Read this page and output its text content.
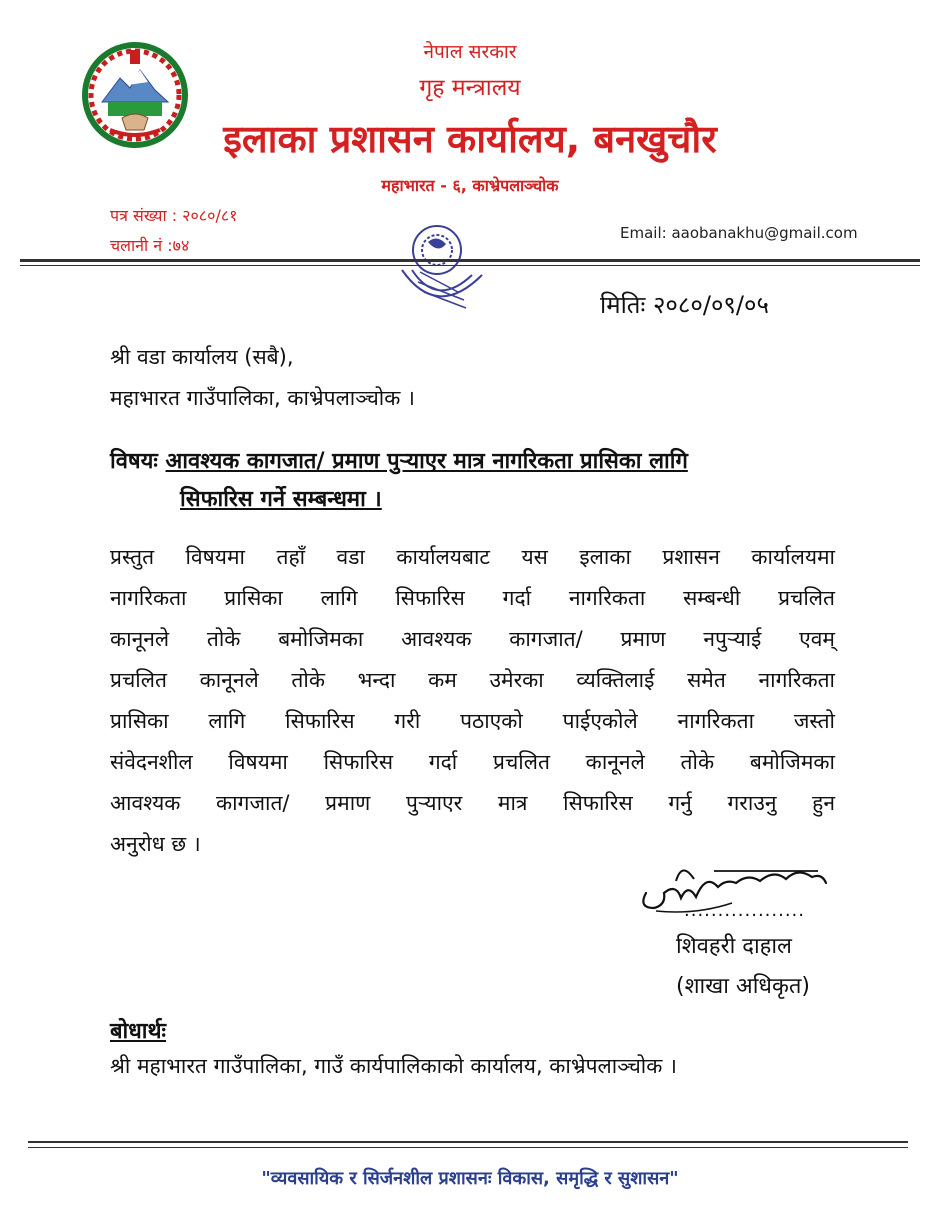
नेपाल सरकार
गृह मन्त्रालय
इलाका प्रशासन कार्यालय, बनखुचौर
महाभारत - ६, काभ्रेपलाञ्चोक
पत्र संख्या : २०८०/८१
चलानी नं :७४
Email: aaobanakhu@gmail.com
मितिः २०८०/०९/०५
श्री वडा कार्यालय (सबै),
महाभारत गाउँपालिका, काभ्रेपलाञ्चोक ।
विषयः आवश्यक कागजात/ प्रमाण पुऱ्याएर मात्र नागरिकता प्रासिका लागि
सिफारिस गर्ने सम्बन्धमा ।
प्रस्तुत विषयमा तहाँ वडा कार्यालयबाट यस इलाका प्रशासन कार्यालयमा
नागरिकता प्रासिका लागि सिफारिस गर्दा नागरिकता सम्बन्धी प्रचलित
कानूनले तोके बमोजिमका आवश्यक कागजात/ प्रमाण नपुऱ्याई एवम्
प्रचलित कानूनले तोके भन्दा कम उमेरका व्यक्तिलाई समेत नागरिकता
प्रासिका लागि सिफारिस गरी पठाएको पाईएकोले नागरिकता जस्तो
संवेदनशील विषयमा सिफारिस गर्दा प्रचलित कानूनले तोके बमोजिमका
आवश्यक कागजात/ प्रमाण पुऱ्याएर मात्र सिफारिस गर्नु गराउनु हुन
अनुरोध छ ।
..................
शिवहरी दाहाल
(शाखा अधिकृत)
बोधार्थः
श्री महाभारत गाउँपालिका, गाउँ कार्यपालिकाको कार्यालय, काभ्रेपलाञ्चोक ।
"व्यवसायिक र सिर्जनशील प्रशासनः विकास, समृद्धि र सुशासन"
